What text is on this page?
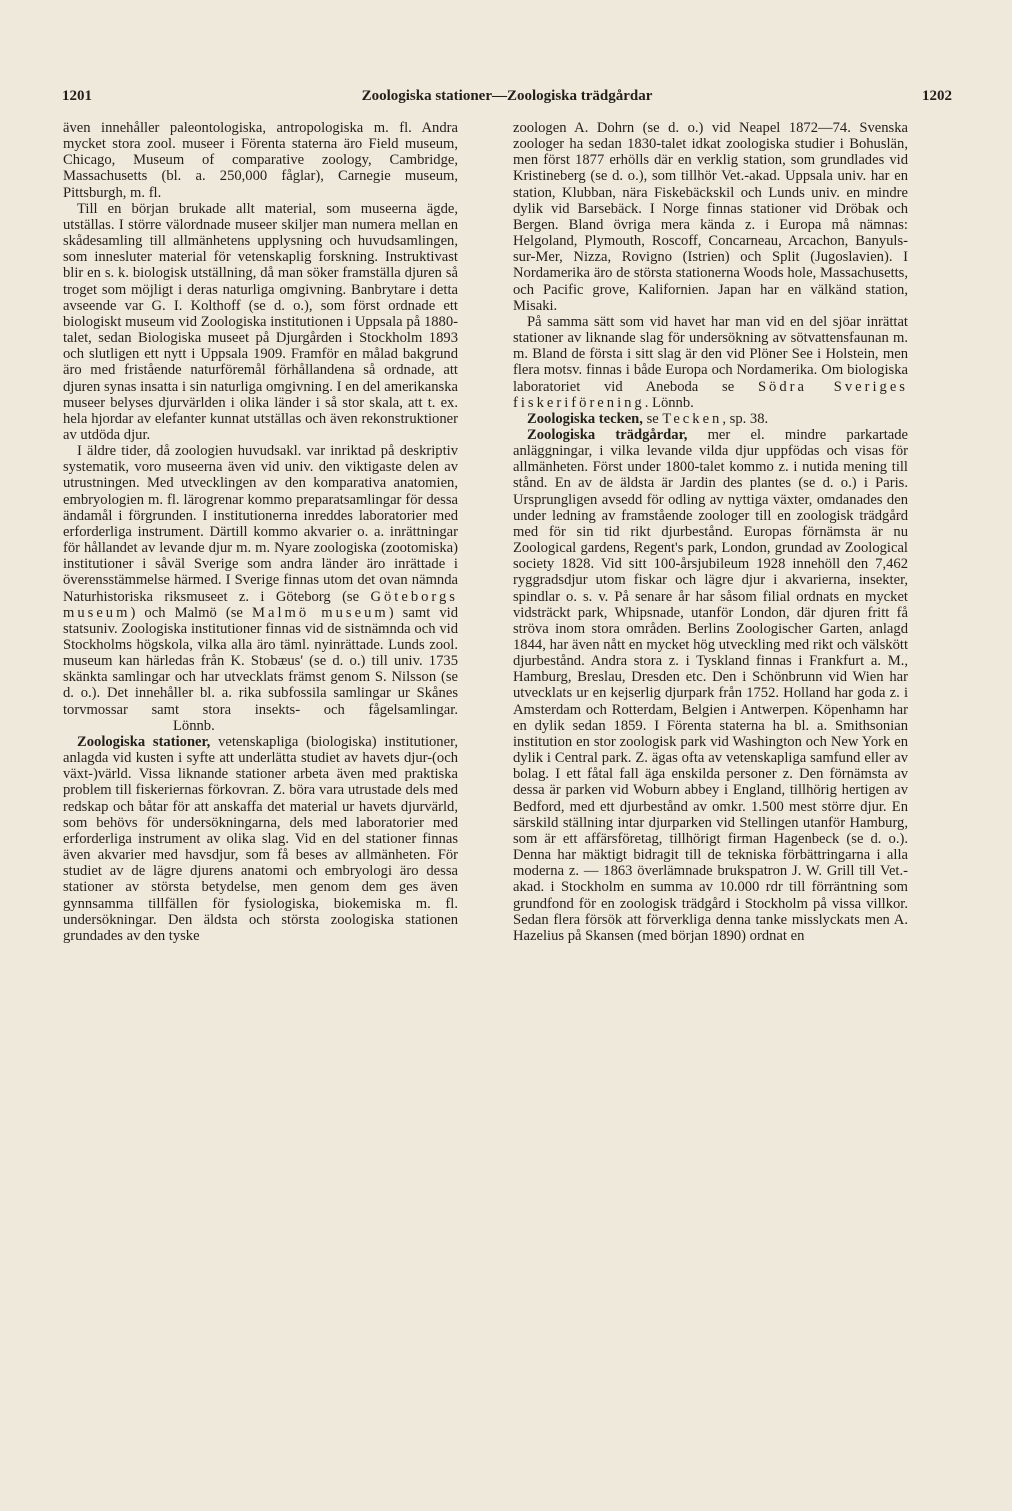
1201	Zoologiska stationer—Zoologiska trädgårdar	1202

även innehåller paleontologiska, antropologiska m. fl. Andra mycket stora zool. museer i Förenta staterna äro Field museum, Chicago, Museum of comparative zoology, Cambridge, Massachusetts (bl. a. 250,000 fåglar), Carnegie museum, Pittsburgh, m. fl.

Till en början brukade allt material, som museerna ägde, utställas. I större välordnade museer skiljer man numera mellan en skådesamling till allmänhetens upplysning och huvudsamlingen, som innesluter material för vetenskaplig forskning. Instruktivast blir en s. k. biologisk utställning, då man söker framställa djuren så troget som möjligt i deras naturliga omgivning. Banbrytare i detta avseende var G. I. Kolthoff (se d. o.), som först ordnade ett biologiskt museum vid Zoologiska institutionen i Uppsala på 1880-talet, sedan Biologiska museet på Djurgården i Stockholm 1893 och slutligen ett nytt i Uppsala 1909. Framför en målad bakgrund äro med fristående naturföremål förhållandena så ordnade, att djuren synas insatta i sin naturliga omgivning. I en del amerikanska museer belyses djurvärlden i olika länder i så stor skala, att t. ex. hela hjordar av elefanter kunnat utställas och även rekonstruktioner av utdöda djur.

I äldre tider, då zoologien huvudsakl. var inriktad på deskriptiv systematik, voro museerna även vid univ. den viktigaste delen av utrustningen. Med utvecklingen av den komparativa anatomien, embryologien m. fl. lärogrenar kommo preparatsamlingar för dessa ändamål i förgrunden. I institutionerna inreddes laboratorier med erforderliga instrument. Därtill kommo akvarier o. a. inrättningar för hållandet av levande djur m. m. Nyare zoologiska (zootomiska) institutioner i såväl Sverige som andra länder äro inrättade i överensstämmelse härmed. I Sverige finnas utom det ovan nämnda Naturhistoriska riksmuseet z. i Göteborg (se Göteborgs museum) och Malmö (se Malmö museum) samt vid statsuniv. Zoologiska institutioner finnas vid de sistnämnda och vid Stockholms högskola, vilka alla äro täml. nyinrättade. Lunds zool. museum kan härledas från K. Stobæus' (se d. o.) till univ. 1735 skänkta samlingar och har utvecklats främst genom S. Nilsson (se d. o.). Det innehåller bl. a. rika subfossila samlingar ur Skånes torvmossar samt stora insekts- och fågelsamlingar. Lönnb.

Zoologiska stationer, vetenskapliga (biologiska) institutioner, anlagda vid kusten i syfte att underlätta studiet av havets djur-(och växt-)värld. Vissa liknande stationer arbeta även med praktiska problem till fiskeriernas förkovran. Z. böra vara utrustade dels med redskap och båtar för att anskaffa det material ur havets djurvärld, som behövs för undersökningarna, dels med laboratorier med erforderliga instrument av olika slag. Vid en del stationer finnas även akvarier med havsdjur, som få beses av allmänheten. För studiet av de lägre djurens anatomi och embryologi äro dessa stationer av största betydelse, men genom dem ges även gynnsamma tillfällen för fysiologiska, biokemiska m. fl. undersökningar. Den äldsta och största zoologiska stationen grundades av den tyske

zoologen A. Dohrn (se d. o.) vid Neapel 1872—74. Svenska zoologer ha sedan 1830-talet idkat zoologiska studier i Bohuslän, men först 1877 erhölls där en verklig station, som grundlades vid Kristineberg (se d. o.), som tillhör Vet.-akad. Uppsala univ. har en station, Klubban, nära Fiskebäckskil och Lunds univ. en mindre dylik vid Barsebäck. I Norge finnas stationer vid Dröbak och Bergen. Bland övriga mera kända z. i Europa må nämnas: Helgoland, Plymouth, Roscoff, Concarneau, Arcachon, Banyuls-sur-Mer, Nizza, Rovigno (Istrien) och Split (Jugoslavien). I Nordamerika äro de största stationerna Woods hole, Massachusetts, och Pacific grove, Kalifornien. Japan har en välkänd station, Misaki.

På samma sätt som vid havet har man vid en del sjöar inrättat stationer av liknande slag för undersökning av sötvattensfaunan m. m. Bland de första i sitt slag är den vid Plöner See i Holstein, men flera motsv. finnas i både Europa och Nordamerika. Om biologiska laboratoriet vid Aneboda se Södra Sveriges fiskeriförening. Lönnb.

Zoologiska tecken, se Tecken, sp. 38.

Zoologiska trädgårdar, mer el. mindre parkartade anläggningar, i vilka levande vilda djur uppfödas och visas för allmänheten. Först under 1800-talet kommo z. i nutida mening till stånd. En av de äldsta är Jardin des plantes (se d. o.) i Paris. Ursprungligen avsedd för odling av nyttiga växter, omdanades den under ledning av framstående zoologer till en zoologisk trädgård med för sin tid rikt djurbestånd. Europas förnämsta är nu Zoological gardens, Regent's park, London, grundad av Zoological society 1828. Vid sitt 100-årsjubileum 1928 innehöll den 7,462 ryggradsdjur utom fiskar och lägre djur i akvarierna, insekter, spindlar o. s. v. På senare år har såsom filial ordnats en mycket vidsträckt park, Whipsnade, utanför London, där djuren fritt få ströva inom stora områden. Berlins Zoologischer Garten, anlagd 1844, har även nått en mycket hög utveckling med rikt och välskött djurbestånd. Andra stora z. i Tyskland finnas i Frankfurt a. M., Hamburg, Breslau, Dresden etc. Den i Schönbrunn vid Wien har utvecklats ur en kejserlig djurpark från 1752. Holland har goda z. i Amsterdam och Rotterdam, Belgien i Antwerpen. Köpenhamn har en dylik sedan 1859. I Förenta staterna ha bl. a. Smithsonian institution en stor zoologisk park vid Washington och New York en dylik i Central park. Z. ägas ofta av vetenskapliga samfund eller av bolag. I ett fåtal fall äga enskilda personer z. Den förnämsta av dessa är parken vid Woburn abbey i England, tillhörig hertigen av Bedford, med ett djurbestånd av omkr. 1.500 mest större djur. En särskild ställning intar djurparken vid Stellingen utanför Hamburg, som är ett affärsföretag, tillhörigt firman Hagenbeck (se d. o.). Denna har mäktigt bidragit till de tekniska förbättringarna i alla moderna z. — 1863 överlämnade brukspatron J. W. Grill till Vet.-akad. i Stockholm en summa av 10.000 rdr till förräntning som grundfond för en zoologisk trädgård i Stockholm på vissa villkor. Sedan flera försök att förverkliga denna tanke misslyckats men A. Hazelius på Skansen (med början 1890) ordnat en
